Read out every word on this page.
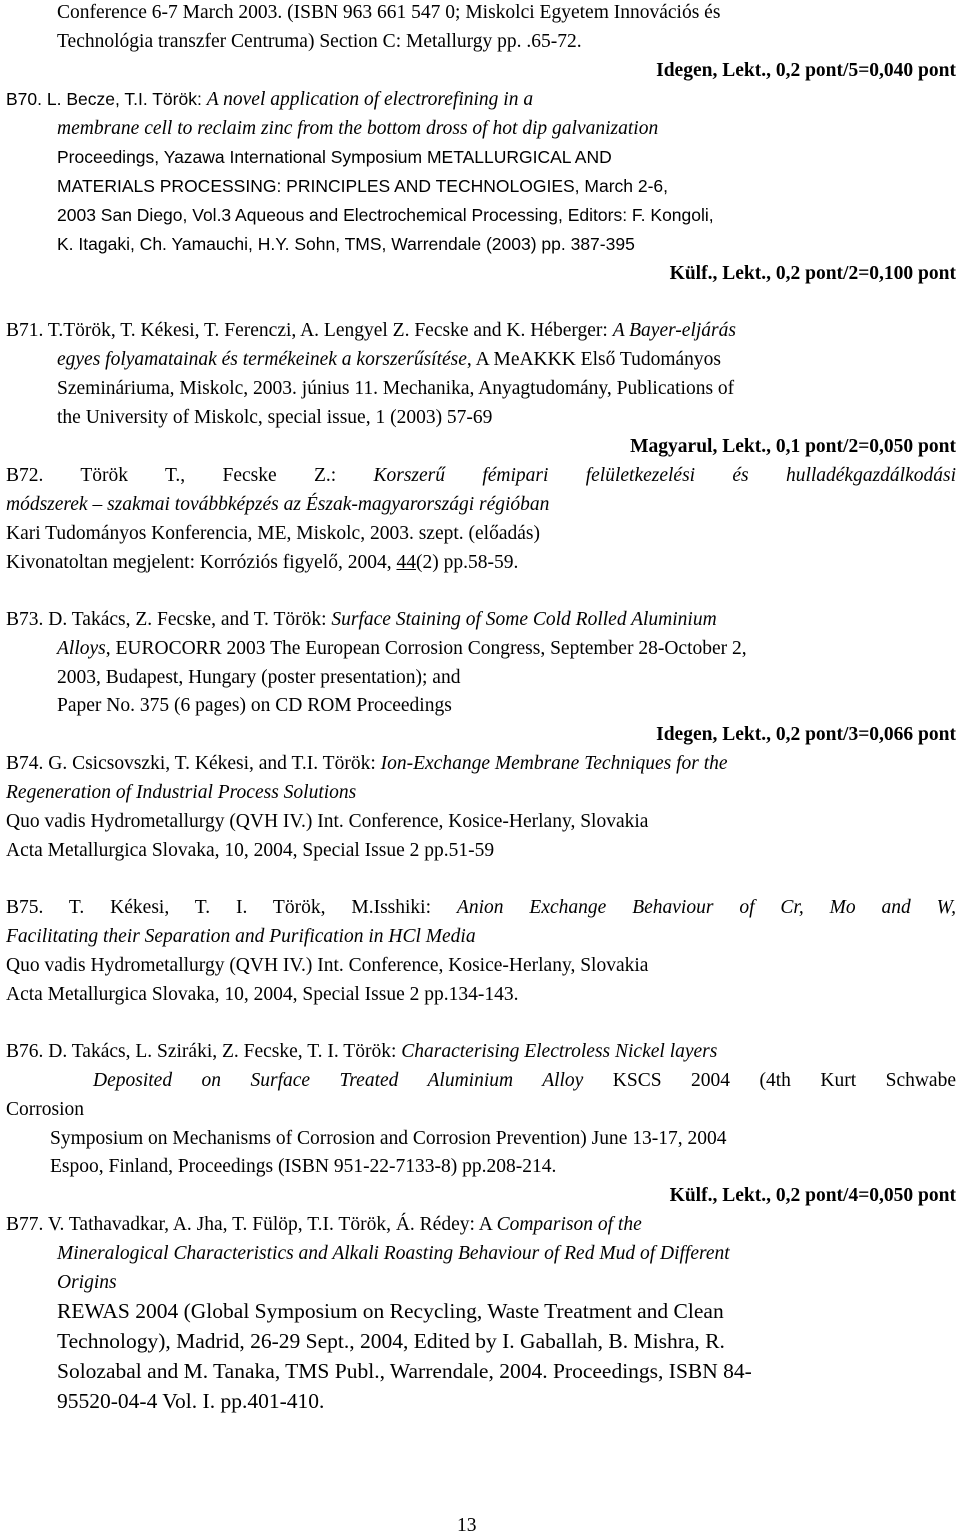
Conference 6-7 March 2003. (ISBN 963 661 547 0; Miskolci Egyetem Innovációs és
Technológia transzfer Centruma) Section C: Metallurgy pp. .65-72.
Idegen, Lekt., 0,2 pont/5=0,040 pont
B70. L. Becze, T.I. Török: A novel application of electrorefining in a
membrane cell to reclaim zinc from the bottom dross of hot dip galvanization
Proceedings, Yazawa International Symposium METALLURGICAL AND
MATERIALS PROCESSING: PRINCIPLES AND TECHNOLOGIES, March 2-6,
2003 San Diego, Vol.3 Aqueous and Electrochemical Processing, Editors: F. Kongoli,
K. Itagaki, Ch. Yamauchi, H.Y. Sohn, TMS, Warrendale (2003) pp. 387-395
Külf., Lekt., 0,2 pont/2=0,100 pont
B71. T.Török, T. Kékesi, T. Ferenczi, A. Lengyel Z. Fecske and K. Héberger: A Bayer-eljárás
egyes folyamatainak és termékeinek a korszerűsítése, A MeAKKK Első Tudományos
Szemináriuma, Miskolc, 2003. június 11. Mechanika, Anyagtudomány, Publications of
the University of Miskolc, special issue, 1 (2003) 57-69
Magyarul, Lekt., 0,1 pont/2=0,050 pont
B72. Török T., Fecske Z.: Korszerű fémipari felületkezelési és hulladékgazdálkodási
módszerek – szakmai továbbképzés az Észak-magyarországi régióban
Kari Tudományos Konferencia, ME, Miskolc, 2003. szept. (előadás)
Kivonatoltan megjelent: Korróziós figyelő, 2004, 44(2) pp.58-59.
B73. D. Takács, Z. Fecske, and T. Török: Surface Staining of Some Cold Rolled Aluminium
Alloys, EUROCORR 2003 The European Corrosion Congress, September 28-October 2,
2003, Budapest, Hungary (poster presentation); and
Paper No. 375 (6 pages) on CD ROM Proceedings
Idegen, Lekt., 0,2 pont/3=0,066 pont
B74. G. Csicsovszki, T. Kékesi, and T.I. Török: Ion-Exchange Membrane Techniques for the
Regeneration of Industrial Process Solutions
Quo vadis Hydrometallurgy (QVH IV.) Int. Conference, Kosice-Herlany, Slovakia
Acta Metallurgica Slovaka, 10, 2004, Special Issue 2 pp.51-59
B75. T. Kékesi, T. I. Török, M.Isshiki: Anion Exchange Behaviour of Cr, Mo and W,
Facilitating their Separation and Purification in HCl Media
Quo vadis Hydrometallurgy (QVH IV.) Int. Conference, Kosice-Herlany, Slovakia
Acta Metallurgica Slovaka, 10, 2004, Special Issue 2 pp.134-143.
B76. D. Takács, L. Sziráki, Z. Fecske, T. I. Török: Characterising Electroless Nickel layers
Deposited on Surface Treated Aluminium Alloy KSCS 2004 (4th Kurt Schwabe
Corrosion
Symposium on Mechanisms of Corrosion and Corrosion Prevention) June 13-17, 2004
Espoo, Finland, Proceedings (ISBN 951-22-7133-8) pp.208-214.
Külf., Lekt., 0,2 pont/4=0,050 pont
B77. V. Tathavadkar, A. Jha, T. Fülöp, T.I. Török, Á. Rédey: A Comparison of the
Mineralogical Characteristics and Alkali Roasting Behaviour of Red Mud of Different
Origins
REWAS 2004 (Global Symposium on Recycling, Waste Treatment and Clean
Technology), Madrid, 26-29 Sept., 2004, Edited by I. Gaballah, B. Mishra, R.
Solozabal and M. Tanaka, TMS Publ., Warrendale, 2004. Proceedings, ISBN 84-
95520-04-4 Vol. I. pp.401-410.
13
